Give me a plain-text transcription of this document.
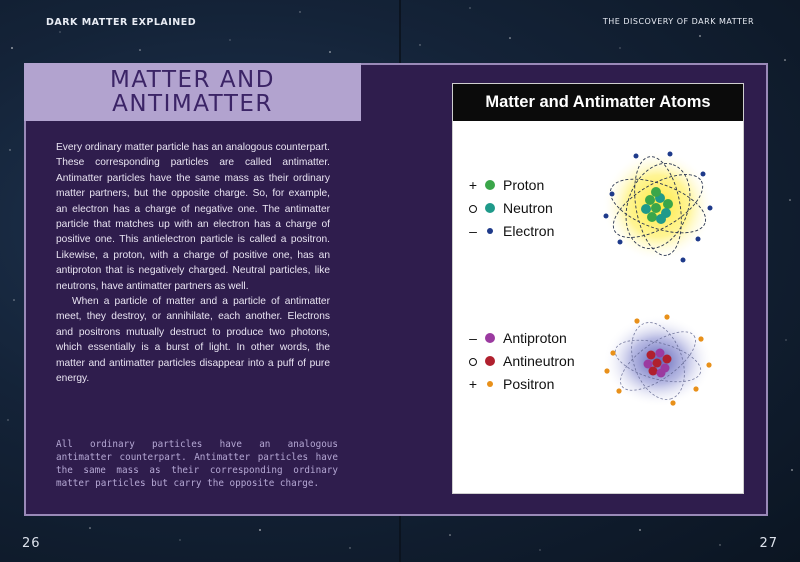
DARK MATTER EXPLAINED	THE DISCOVERY OF DARK MATTER
MATTER AND
ANTIMATTER

Every ordinary matter particle has an analogous counterpart. These corresponding particles are called antimatter. Antimatter particles have the same mass as their ordinary matter partners, but the opposite charge. So, for example, an electron has a charge of negative one. The antimatter particle that matches up with an electron has a charge of positive one. This antielectron particle is called a positron. Likewise, a proton, with a charge of positive one, has an antiproton that is negatively charged. Neutral particles, like neutrons, have antimatter partners as well.

When a particle of matter and a particle of antimatter meet, they destroy, or annihilate, each another. Electrons and positrons mutually destruct to produce two photons, which essentially is a burst of light. In other words, the matter and antimatter particles disappear into a puff of pure energy.

All ordinary particles have an analogous antimatter counterpart. Antimatter particles have the same mass as their corresponding ordinary matter particles but carry the opposite charge.
Matter and Antimatter Atoms
+ Proton
Neutron
– Electron
– Antiproton
Antineutron
+ Positron
26	27
